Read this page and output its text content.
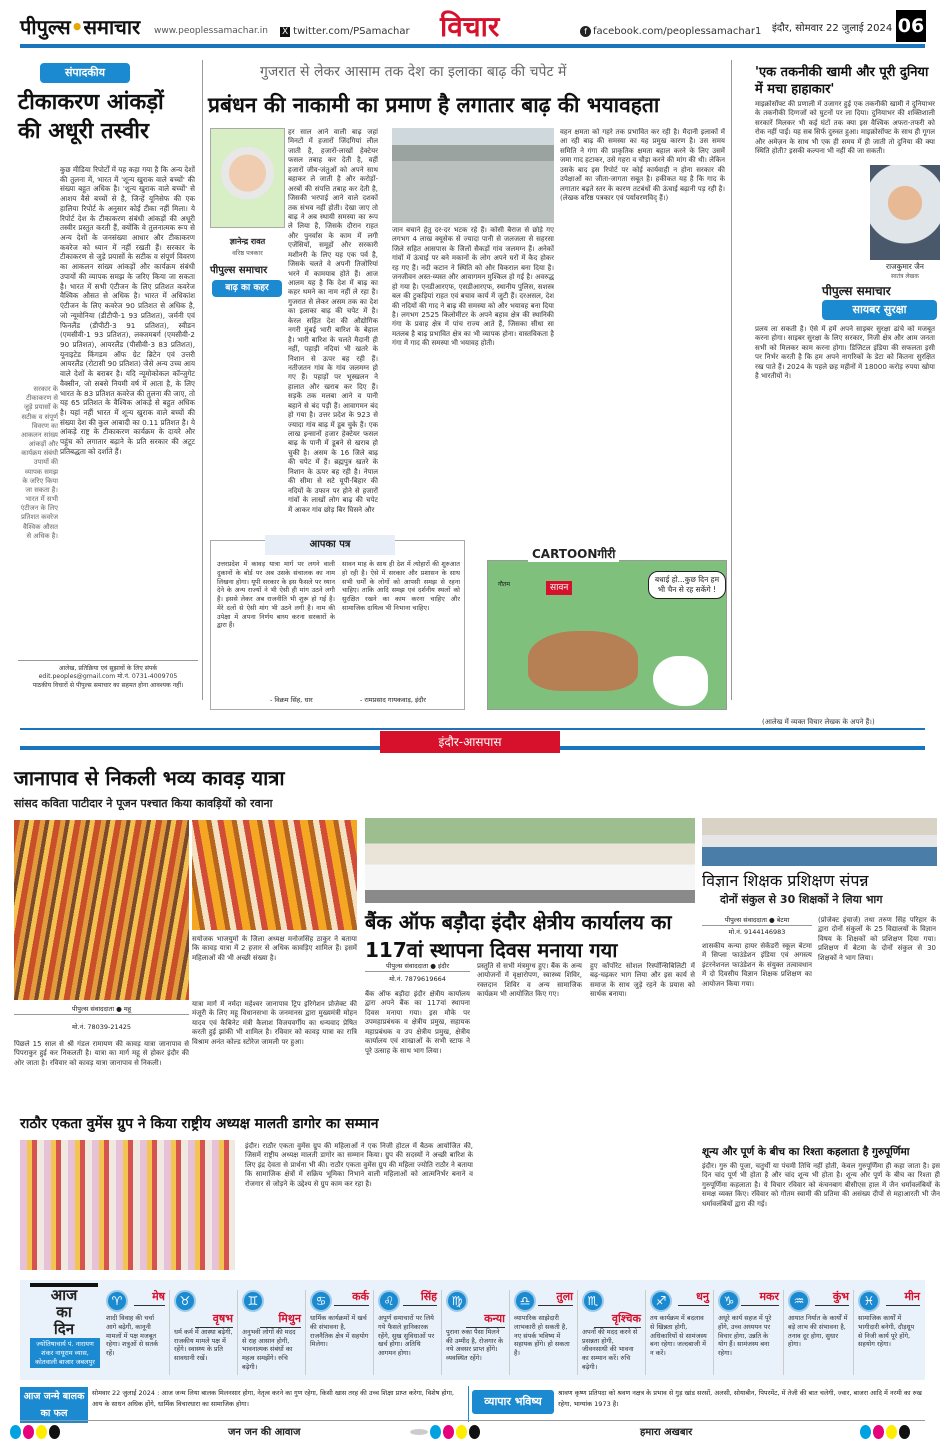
पीपुल्स•समाचार www.peoplessamachar.in X twitter.com/PSamachar विचार	f facebook.com/peoplessamachar1 इंदौर, सोमवार 22 जुलाई 2024 06
संपादकीय
टीकाकरण आंकड़ों की अधूरी तस्वीर
कुछ मीडिया रिपोर्टों में यह कहा गया है कि अन्य देशों की तुलना में, भारत में 'शून्य खुराक वाले बच्चों' की संख्या बहुत अधिक है। 'शून्य खुराक वाले बच्चों' से आशय वैसे बच्चों से है, जिन्हें यूनिसेफ की एक हालिया रिपोर्ट के अनुसार कोई टीका नहीं मिला। ये रिपोर्ट देश के टीकाकरण संबंधी आंकड़ों की अधूरी तस्वीर प्रस्तुत करती हैं, क्योंकि वे तुलनात्मक रूप से अन्य देशों के जनसंख्या आधार और टीकाकरण कवरेज को ध्यान में नहीं रखती हैं। सरकार के टीकाकरण से जुड़े प्रयासों के सटीक व संपूर्ण विवरण का आकलन सांख्य आंकड़ों और कार्यक्रम संबंधी उपायों की व्यापक समझ के जरिए किया जा सकता है। भारत में सभी एंटीजन के लिए प्रतिशत कवरेज वैश्विक औसत से अधिक है। भारत में अधिकांश एंटीजन के लिए कवरेज 90 प्रतिशत से अधिक है, जो न्यूमोनिया (डीटीपी-1 93 प्रतिशत), जर्मनी एवं फिनलैंड (डीपीटी-3 91 प्रतिशत), स्वीडन (एमसीवी-1 93 प्रतिशत), लक्जमबर्ग (एमसीवी-2 90 प्रतिशत), आयरलैंड (पीसीवी-3 83 प्रतिशत), यूनाइटेड किंगडम ऑफ ग्रेट ब्रिटेन एवं उत्तरी आयरलैंड (रोटासी 90 प्रतिशत) जैसे अन्य उच्च आय वाले देशों के बराबर है। यदि न्यूमोकोकल कॉन्जुगेट वैक्सीन, जो सबसे नियमी वर्ष में आता है, के लिए भारत के 83 प्रतिशत कवरेज की तुलना की जाए, तो यह 65 प्रतिशत के वैश्विक आंकड़े से बहुत अधिक है। यहां नहीं भारत में शून्य खुराक वाले बच्चों की संख्या देश की कुल आबादी का 0.11 प्रतिशत है। ये आंकड़े राष्ट्र के टीकाकरण कार्यक्रम के दायरे और पहुंच को लगातार बढ़ाने के प्रति सरकार की अटूट प्रतिबद्धता को दर्शाते हैं।
सरकार के टीकाकरण से जुड़े प्रयासों के सटीक व संपूर्ण विवरण का आकलन सांख्य आंकड़ों और कार्यक्रम संबंधी उपायों की व्यापक समझ के जरिए किया जा सकता है। भारत में सभी एंटीजन के लिए प्रतिशत कवरेज वैश्विक औसत से अधिक है।
आलेख, प्रतिक्रिया एवं सुझावों के लिए संपर्क
edit.peoples@gmail.com मो.नं. 0731-4009705
पाठकीय विचारों से पीपुल्स समाचार का सहमत होना आवश्यक नहीं।
गुजरात से लेकर आसाम तक देश का इलाका बाढ़ की चपेट में
प्रबंधन की नाकामी का प्रमाण है लगातार बाढ़ की भयावहता
ज्ञानेन्द्र रावत
वरिष्ठ पत्रकार
पीपुल्स समाचार
बाढ़ का कहर
हर साल आने वाली बाढ़ जहां मिनटों में हजारों जिंदगियां लील जाती है, हजारों-लाखों हेक्टेयर फसल तबाह कर देती है, वहीं हजारों जीव-जंतुओं को अपने साथ बहाकर ले जाती है और करोड़ों-अरबों की संपत्ति तबाह कर देती है, जिसकी भरपाई आने वाले दशकों तक संभव नहीं होती। देखा जाए तो बाढ़ ने अब स्थायी समस्या का रूप ले लिया है, जिसके दौरान राहत और पुनर्वास के काम में लगी एजेंसियों, समूहों और सरकारी मशीनरी के लिए यह एक पर्व है, जिसके चलते वे अपनी तिजोरियां भरने में कामयाब होते हैं। आज आलम यह है कि देश में बाढ़ का कहर थमने का नाम नहीं ले रहा है। गुजरात से लेकर असम तक का देश का इलाका बाढ़ की चपेट में है। केरल सहित देश की औद्योगिक नगरी मुंबई भारी बारिश के बेहाल है। भारी बारिश के चलते मैदानी ही नहीं, पहाड़ी नदियां भी खतरे के निशान से ऊपर बह रही हैं। नतीजतन गांव के गांव जलमग्न हो गए हैं। पहाड़ों पर भूस्खलन ने हालात और खराब कर दिए हैं। सड़कें तक मलबा आने व पानी बहाने से बंद पड़ी हैं। आवागमन बंद हो गया है। उत्तर प्रदेश के 923 से ज्यादा गांव बाढ़ में डूब चुके हैं। एक लाख इन्सानों हजार हेक्टेयर फसल बाढ़ के पानी में डूबने से खराब हो चुकी है। असम के 16 जिले बाढ़ की चपेट में हैं। ब्रह्मपुत्र खतरे के निशान के ऊपर बह रही है। नेपाल की सीमा से सटे यूपी-बिहार की नदियों के उफान पर होने से हजारों गांवों के लाखों लोग बाढ़ की चपेट में आकर गांव छोड़ बिर घिसने और
जान बचाने हेतु दर-दर भटक रहे हैं। कोसी बैराज से छोड़े गए लगभग 4 लाख क्यूसेक से ज्यादा पानी से जलजला से सहरसा जिले सहित आसपास के जिलों सैकड़ों गांव जलमग्न हैं। अनेकों गांवों में ऊंचाई पर बने मकानों के लोग अपने घरों में कैद होकर रह गए हैं। नदी कटान ने स्थिति को और विकराल बना दिया है। जनजीवन अस्त-व्यस्त और आवागमन मुश्किल हो गई है। अवरुद्ध हो गया है। एनडीआरएफ, एसडीआरएफ, स्थानीय पुलिस, सशस्त्र बल की टुकड़ियां राहत एवं बचाव कार्य में जुटी हैं। दरअसल, देश की नदियों की गाद ने बाढ़ की समस्या को और भयावह बना दिया है। लगभग 2525 किलोमीटर के अपने बहाव क्षेत्र की स्थानिकी गंगा के प्रवाह क्षेत्र में पांच राज्य आते हैं, जिसका सीधा सा मतलब है बाढ़ प्रभावित क्षेत्र का भी व्यापक होना। वास्तविकता है गंगा में गाद की समस्या भी भयावह होती।
वहन क्षमता को गहरे तक प्रभावित कर रही है। मैदानी इलाकों में आ रही बाढ़ की समस्या का यह प्रमुख कारण है। उस समय समिति ने गंगा की प्राकृतिक क्षमता बहाल करने के लिए उसमें जमा गाद हटाकर, उसे गहरा व चौड़ा करने की मांग की थी। लेकिन उसके बाद इस रिपोर्ट पर कोई कार्यवाही न होना सरकार की उपेक्षाओं का जीता-जागता सबूत है। हकीकत यह है कि गाद के लगातार बढ़ते स्तर के कारण तटबंधों की ऊंचाई बढ़ानी पड़ रही है। (लेखक वरिष्ठ पत्रकार एवं पर्यावरणविद् हैं।)
'एक तकनीकी खामी और पूरी दुनिया में मचा हाहाकार'
माइक्रोसॉफ्ट की प्रणाली में उजागर हुई एक तकनीकी खामी ने दुनियाभर के तकनीकी दिग्गजों को घुटनों पर ला दिया। दुनियाभर की शक्तिशाली सरकारें मिलकर भी कई घंटों तक क्या इस वैश्विक अफरा-तफरी को रोक नहीं पाईं। यह सब सिर्फ दुरुस्त हुआ। माइक्रोसॉफ्ट के साथ ही गूगल और अमेज़न के साथ भी एक ही समय में ही जाती तो दुनिया की क्या स्थिति होती? इसकी कल्पना भी नहीं की जा सकती।
राजकुमार जैन
स्वतंत्र लेखक
पीपुल्स समाचार
सायबर सुरक्षा
प्रलय ला सकती है। ऐसे में हमें अपने साइबर सुरक्षा ढांचे को मजबूत करना होगा। साइबर सुरक्षा के लिए सरकार, निजी क्षेत्र और आम जनता सभी को मिलकर काम करना होगा। डिजिटल इंडिया की सफलता इसी पर निर्भर करती है कि हम अपने नागरिकों के डेटा को कितना सुरक्षित रख पाते हैं। 2024 के पहले छह महीनों में 18000 करोड़ रुपया खोया है भारतीयों ने।
(आलेख में व्यक्त विचार लेखक के अपने हैं।)
आपका पत्र
उत्तरप्रदेश में कावड़ यात्रा मार्ग पर लगने वाली दुकानों के बोर्ड पर अब उसके संचालक का नाम लिखना होगा। यूपी सरकार के इस फैसले पर ध्यान देने के अन्य राज्यों ने भी ऐसी ही मांग उठने लगी है। इससे लेकर अब राजनीति भी शुरू हो गई है। मेरे दलों से ऐसी मांग भी उठने लगी है। नाम की उपेक्षा में अपना निर्णय बाध्य करना सरकारों के द्वारा हैं।
- विक्रम सिंह, धार
सावन माह के साथ ही देश में त्योहारों की शुरुआत हो रही है। ऐसे में सरकार और प्रशासन के साथ सभी धर्मों के लोगों को आपसी समझ से रहना चाहिए। ताकि आदि समझ एवं दर्शनीय स्थलों को सुरक्षित रखने का काम करना चाहिए और सामाजिक दायित्व भी निभाना चाहिए।
- रामप्रसाद गायकवाड़, इंदौर
सावन
गौतम
बधाई हो...कुछ दिन हम भी चैन से रह सकेंगे !
CARTOONगीरी
इंदौर-आसपास
जानापाव से निकली भव्य कावड़ यात्रा
सांसद कविता पाटीदार ने पूजन पश्चात किया कावड़ियों को रवाना
सयोजक भाजयुमो के जिला अध्यक्ष मनोजसिंह ठाकुर ने बताया कि कावड़ यात्रा में 2 हजार से अधिक कावड़िए शामिल हैं। इसमें महिलाओं की भी अच्छी संख्या है।
पीपुल्स संवाददाता ● महू
मो.नं. 78039-21425
पिछले 15 साल से श्री गंडल रामायण की कावड़ यात्रा जानापाव से पिपराकुर हुई कर निकलती है। यात्रा का मार्ग महू से होकर इंदौर की ओर जाता है। रविवार को कावड़ यात्रा जानापाव से निकली।
यात्रा मार्ग में नर्मदा महेश्वर जानापाव ट्रिप इरिगेशन प्रोजेक्ट की मंजूरी के लिए महू विधानसभा के जनमानस द्वारा मुख्यमंत्री मोहन यादव एवं कैबिनेट मंत्री कैलाश विजयवर्गीय का धन्यवाद प्रेषित करती हुई झांकी भी शामिल है। रविवार को कावड़ यात्रा का रात्रि विश्राम अनंत कोल्ड स्टोरेज जामली पर हुआ।
बैंक ऑफ बड़ौदा इंदौर क्षेत्रीय कार्यालय का 117वां स्थापना दिवस मनाया गया
पीपुल्स संवाददाता ● इंदौर
मो.नं. 7879619664
बैंक ऑफ बड़ौदा इंदौर क्षेत्रीय कार्यालय द्वारा अपने बैंक का 117वां स्थापना दिवस मनाया गया। इस मौके पर उपमहाप्रबंधक व क्षेत्रीय प्रमुख, सहायक महाप्रबंधक व उप क्षेत्रीय प्रमुख, क्षेत्रीय कार्यालय एवं शाखाओं के सभी स्टाफ ने पूरे उत्साह के साथ भाग लिया।
प्रस्तुति से सभी मंत्रमुग्ध हुए। बैंक के अन्य आयोजनों में वृक्षारोपण, स्वास्थ्य शिविर, रक्तदान शिविर व अन्य सामाजिक कार्यक्रम भी आयोजित किए गए।
हुए कॉर्पोरेट सोशल रिस्पॉन्सिबिलिटी में बढ़-चढ़कर भाग लिया और इस कार्य से समाज के साथ जुड़े रहने के प्रयास को सार्थक बनाया।
विज्ञान शिक्षक प्रशिक्षण संपन्न
दोनों संकुल से 30 शिक्षकों ने लिया भाग
पीपुल्स संवाददाता ● बेटमा
मो.नं. 9144146983
शासकीय कन्या हायर सेकेंडरी स्कूल बेटमा में सिप्ला फाउंडेशन इंडिया एवं अगस्त्य इंटरनेशनल फाउंडेशन के संयुक्त तत्वावधान में दो दिवसीय विज्ञान शिक्षक प्रशिक्षण का आयोजन किया गया।
(प्रोजेक्ट इंचार्ज) तथा तरुण सिंह परिहार के द्वारा दोनों संकुलों के 25 विद्यालयों के विज्ञान विषय के शिक्षकों को प्रशिक्षण दिया गया। प्रशिक्षण में बेटमा के दोनों संकुल से 30 शिक्षकों ने भाग लिया।
शून्य और पूर्ण के बीच का रिश्ता कहलाता है गुरुपूर्णिमा
इंदौर। गुरु की पूजा, चतुर्थी या पंचमी तिथि नहीं होती, केवल गुरुपूर्णिमा ही कहा जाता है। इस दिन चांद पूर्ण भी होता है और चांद शून्य भी होता है। शून्य और पूर्ण के बीच का रिश्ता ही गुरुपूर्णिमा कहलाता है। ये विचार रविवार को कंचनबाग बीसीएस हाल में जैन धर्मावलंबियों के समक्ष व्यक्त किए। रविवार को गौतम स्वामी की प्रतिमा की असंख्य दीपों से महाआरती भी जैन धर्मावलंबियों द्वारा की गई।
राठौर एकता वुमेंस ग्रुप ने किया राष्ट्रीय अध्यक्ष मालती डागोर का सम्मान
इंदौर। राठौर एकता वुमेंस ग्रुप की महिलाओं ने एक निजी होटल में बैठक आयोजित की, जिसमें राष्ट्रीय अध्यक्ष मालती डागोर का सम्मान किया। ग्रुप की सदस्यों ने अच्छी बारिश के लिए इंद्र देवता से प्रार्थना भी की। राठौर एकता वुमेंस ग्रुप की महिला ज्योति राठौर ने बताया कि सामाजिक क्षेत्रों में सक्रिय भूमिका निभाने वाली महिलाओं को आत्मनिर्भर बनाने व रोजगार से जोड़ने के उद्देश्य से ग्रुप काम कर रहा है।
आज
का
दिन
ज्योतिषाचार्य पं. नारायण शंकर नायूराम व्यास, कोतवाली बाजार जबलपुर
♈	मेष
शादी विवाह की चर्चा आगे बढ़ेगी, कानूनी मामलों में पक्ष मजबूत रहेगा। शत्रुओं से सतर्क रहें।
♉
वृषभ
धर्म कर्म में आस्था बढ़ेगी, राजकीय मामले पक्ष में रहेंगे। स्वास्थ्य के प्रति सावधानी रखें।
♊
मिथुन
अनुभवी लोगों की मदद से राह आसान होगी, भावनात्मक संबंधों का महत्व समझेंगे। रुचि बढ़ेगी।
♋	कर्क
धार्मिक कार्यक्रमों में खर्च की संभावना है, राजनैतिक क्षेत्र में सहयोग मिलेगा।
♌	सिंह
अपूर्ण समाचारों पर लिये गये फैसले हानिकारक रहेंगे, सुख सुविधाओं पर खर्च होगा। अतिथि आगमन होगा।
♍
कन्या
पुराना रुका पैसा मिलने की उम्मीद है, रोजगार के नये अवसर प्राप्त होंगे। व्यवस्थित रहेंगे।
♎	तुला
व्यापारिक साझेदारी लाभकारी हो सकती है, नए संपर्क भविष्य में सहायक होंगे। हो सकता है।
♏
वृश्चिक
अपनों की मदद करने से प्रसन्नता होगी, जीवनसाथी की भावना का सम्मान करें। रुचि बढ़ेगी।
♐	धनु
तय कार्यक्रम में बदलाव से खिन्नता होगी, अधिकारियों से सामंजस्य बना रहेगा। जल्दबाजी में न करें।
♑	मकर
अधूरे कार्य सहज में पूरे होंगे, उच्च अध्ययन पर विचार होगा, उन्नति के योग हैं। सामंजस्य बना रहेगा।
♒	कुंभ
आयात निर्यात के कार्यों में बड़े लाभ की संभावना है, तनाव दूर होगा, सुधार होगा।
♓	मीन
सामाजिक कार्यों में भागीदारी बनेगी, दौड़धूप से निजी कार्य पूरे होंगे, सहयोग रहेगा।
आज जन्मे बालक का फल
सोमवार 22 जुलाई 2024 : आज जन्म लिया बालक मिलनसार होगा, नेतृत्व करने का गुण रहेगा, किसी खास तरह की उच्च शिक्षा प्राप्त करेगा, विशेष होगा, आय के साधन अधिक होंगे, धार्मिक विचारधारा का सामाजिक होगा।	व्यापार भविष्य
श्रावण कृष्ण प्रतिपदा को श्रवण नक्षत्र के प्रभाव से गुड़ खांड सरसों, अलसी, सोयाबीन, पिपरमेंट, में तेजी की बात चलेगी, ज्वार, बाजरा आदि में नरमी का रुख रहेगा, भाग्यांक 1973 है।
जन जन की आवाज	हमारा अखबार
